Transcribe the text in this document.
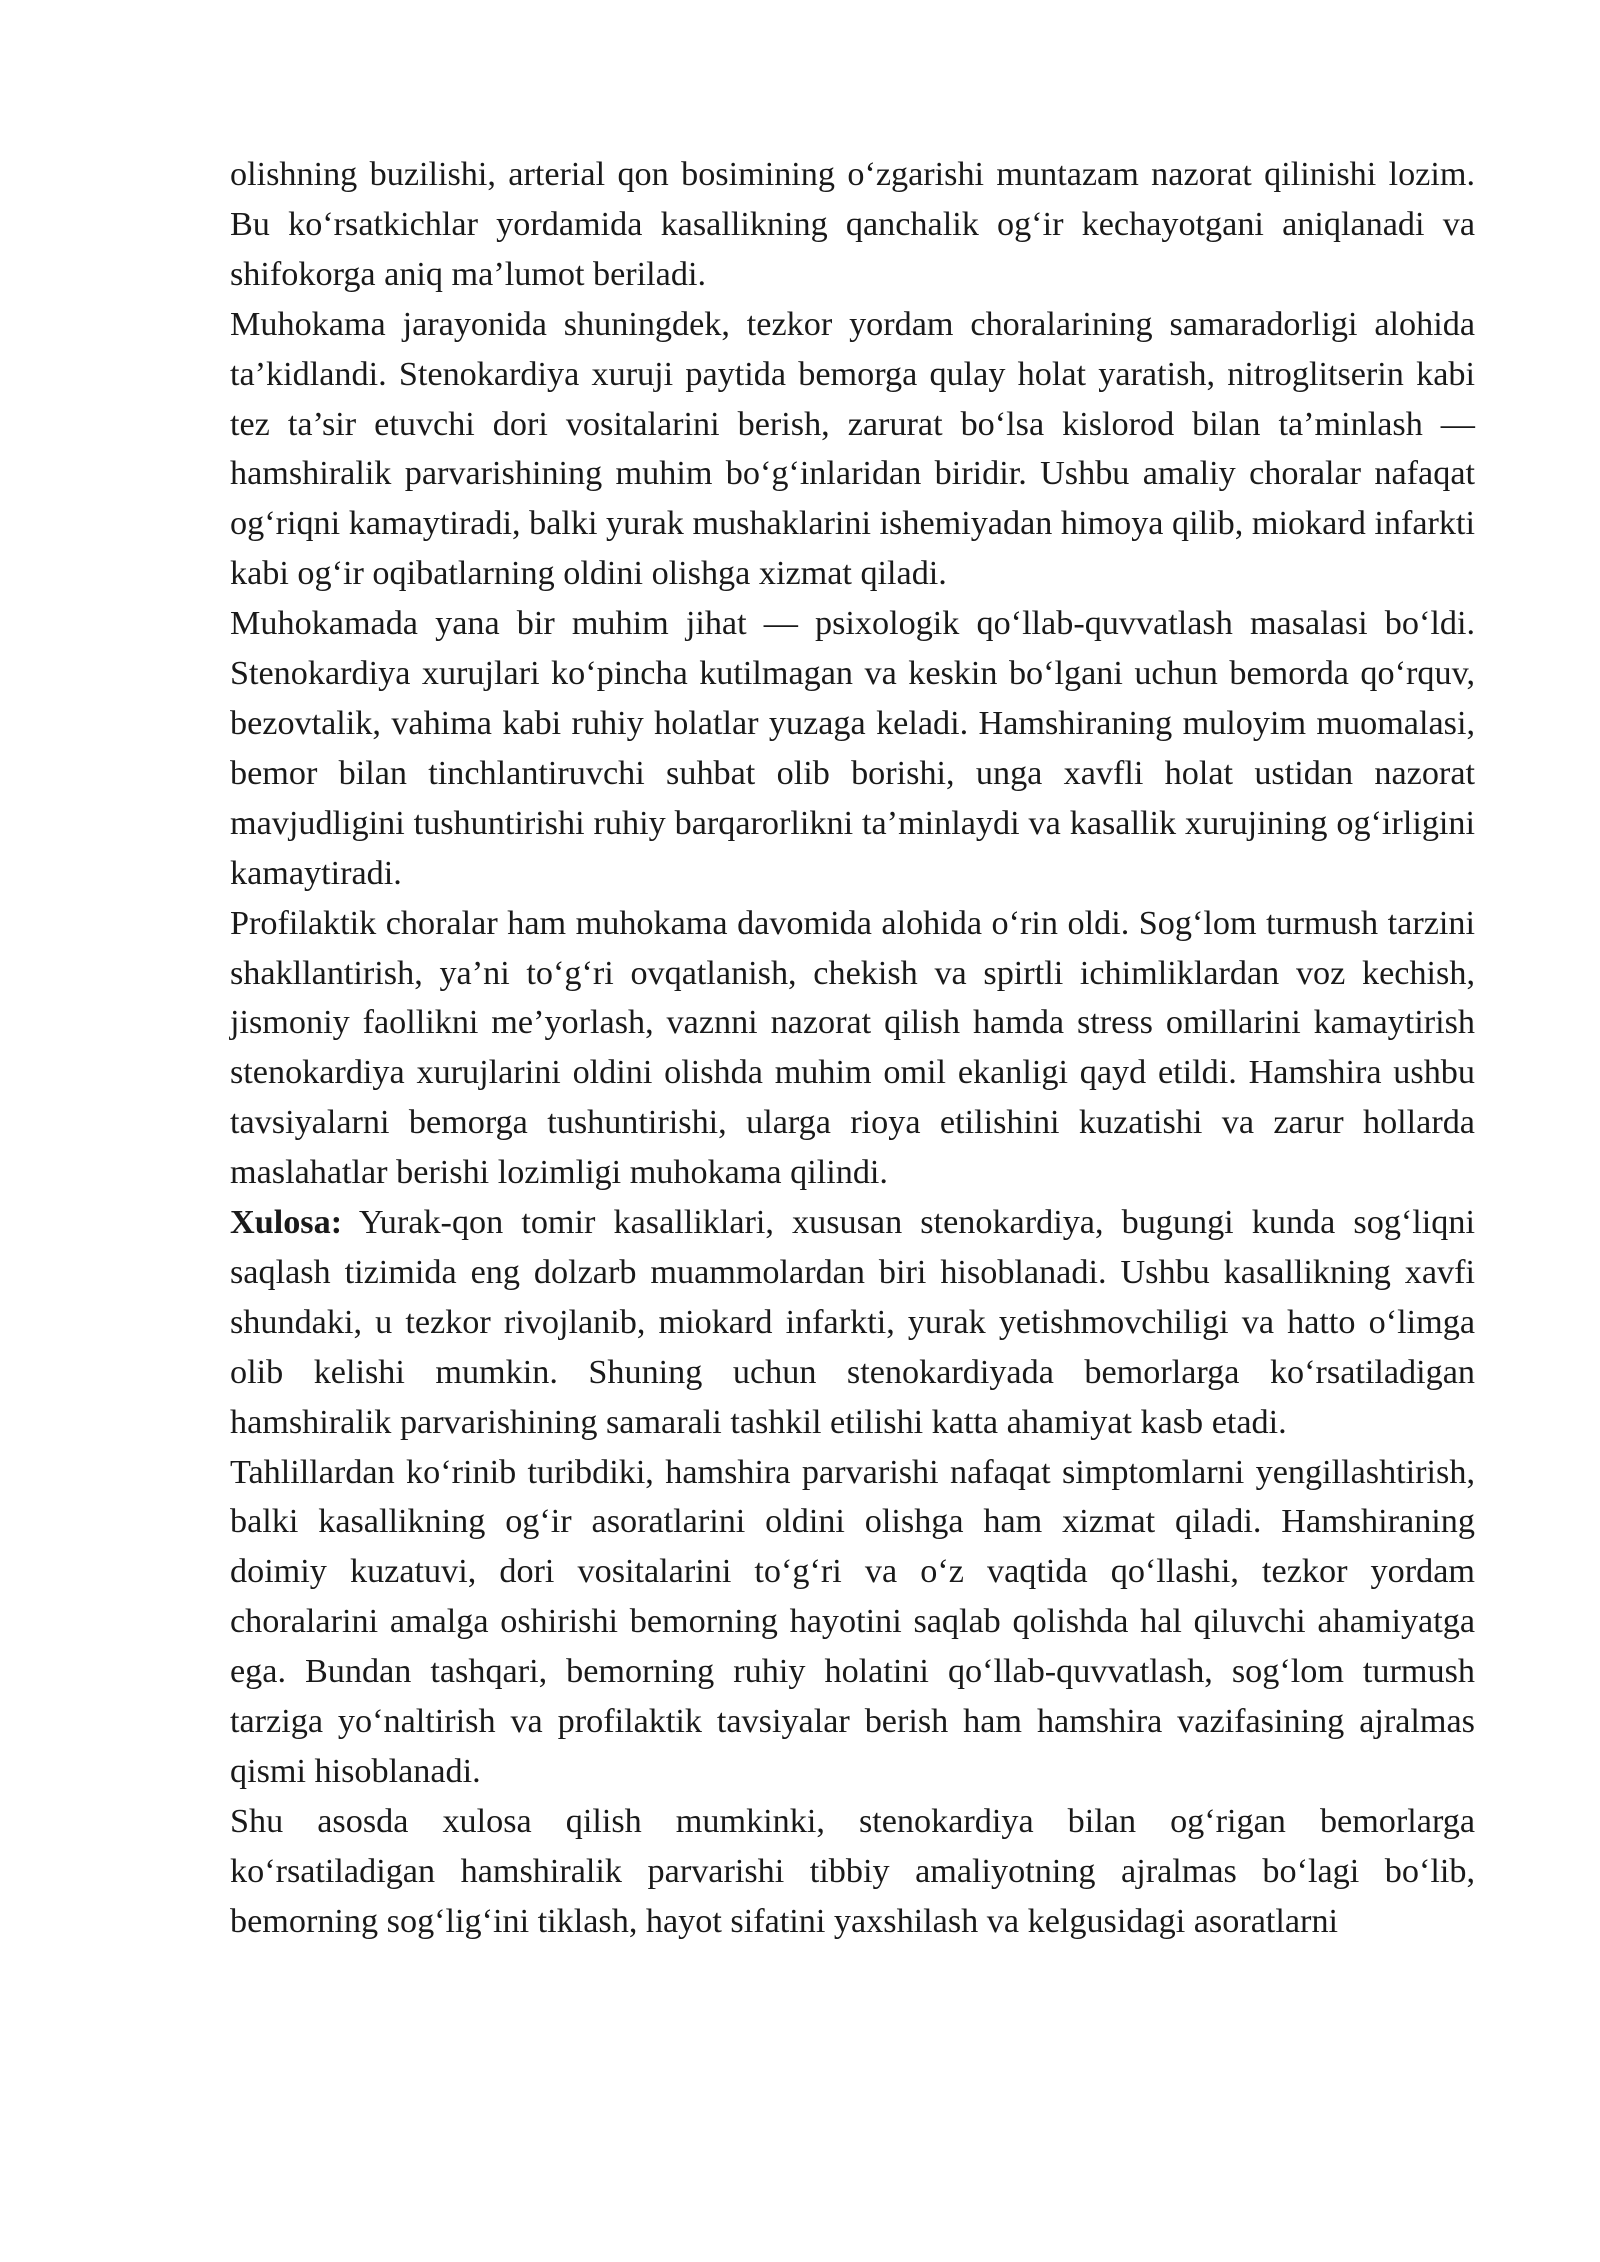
olishning buzilishi, arterial qon bosimining o‘zgarishi muntazam nazorat qilinishi lozim. Bu ko‘rsatkichlar yordamida kasallikning qanchalik og‘ir kechayotgani aniqlanadi va shifokorga aniq ma’lumot beriladi.

Muhokama jarayonida shuningdek, tezkor yordam choralarining samaradorligi alohida ta’kidlandi. Stenokardiya xuruji paytida bemorga qulay holat yaratish, nitroglitserin kabi tez ta’sir etuvchi dori vositalarini berish, zarurat bo‘lsa kislorod bilan ta’minlash — hamshiralik parvarishining muhim bo‘g‘inlaridan biridir. Ushbu amaliy choralar nafaqat og‘riqni kamaytiradi, balki yurak mushaklarini ishemiyadan himoya qilib, miokard infarkti kabi og‘ir oqibatlarning oldini olishga xizmat qiladi.

Muhokamada yana bir muhim jihat — psixologik qo‘llab-quvvatlash masalasi bo‘ldi. Stenokardiya xurujlari ko‘pincha kutilmagan va keskin bo‘lgani uchun bemorda qo‘rquv, bezovtalik, vahima kabi ruhiy holatlar yuzaga keladi. Hamshiraning muloyim muomalasi, bemor bilan tinchlantiruvchi suhbat olib borishi, unga xavfli holat ustidan nazorat mavjudligini tushuntirishi ruhiy barqarorlikni ta’minlaydi va kasallik xurujining og‘irligini kamaytiradi.

Profilaktik choralar ham muhokama davomida alohida o‘rin oldi. Sog‘lom turmush tarzini shakllantirish, ya’ni to‘g‘ri ovqatlanish, chekish va spirtli ichimliklardan voz kechish, jismoniy faollikni me’yorlash, vaznni nazorat qilish hamda stress omillarini kamaytirish stenokardiya xurujlarini oldini olishda muhim omil ekanligi qayd etildi. Hamshira ushbu tavsiyalarni bemorga tushuntirishi, ularga rioya etilishini kuzatishi va zarur hollarda maslahatlar berishi lozimligi muhokama qilindi.

Xulosa: Yurak-qon tomir kasalliklari, xususan stenokardiya, bugungi kunda sog‘liqni saqlash tizimida eng dolzarb muammolardan biri hisoblanadi. Ushbu kasallikning xavfi shundaki, u tezkor rivojlanib, miokard infarkti, yurak yetishmovchiligi va hatto o‘limga olib kelishi mumkin. Shuning uchun stenokardiyada bemorlarga ko‘rsatiladigan hamshiralik parvarishining samarali tashkil etilishi katta ahamiyat kasb etadi.

Tahlillardan ko‘rinib turibdiki, hamshira parvarishi nafaqat simptomlarni yengillashtirish, balki kasallikning og‘ir asoratlarini oldini olishga ham xizmat qiladi. Hamshiraning doimiy kuzatuvi, dori vositalarini to‘g‘ri va o‘z vaqtida qo‘llashi, tezkor yordam choralarini amalga oshirishi bemorning hayotini saqlab qolishda hal qiluvchi ahamiyatga ega. Bundan tashqari, bemorning ruhiy holatini qo‘llab-quvvatlash, sog‘lom turmush tarziga yo‘naltirish va profilaktik tavsiyalar berish ham hamshira vazifasining ajralmas qismi hisoblanadi.

Shu asosda xulosa qilish mumkinki, stenokardiya bilan og‘rigan bemorlarga ko‘rsatiladigan hamshiralik parvarishi tibbiy amaliyotning ajralmas bo‘lagi bo‘lib, bemorning sog‘lig‘ini tiklash, hayot sifatini yaxshilash va kelgusidagi asoratlarni
